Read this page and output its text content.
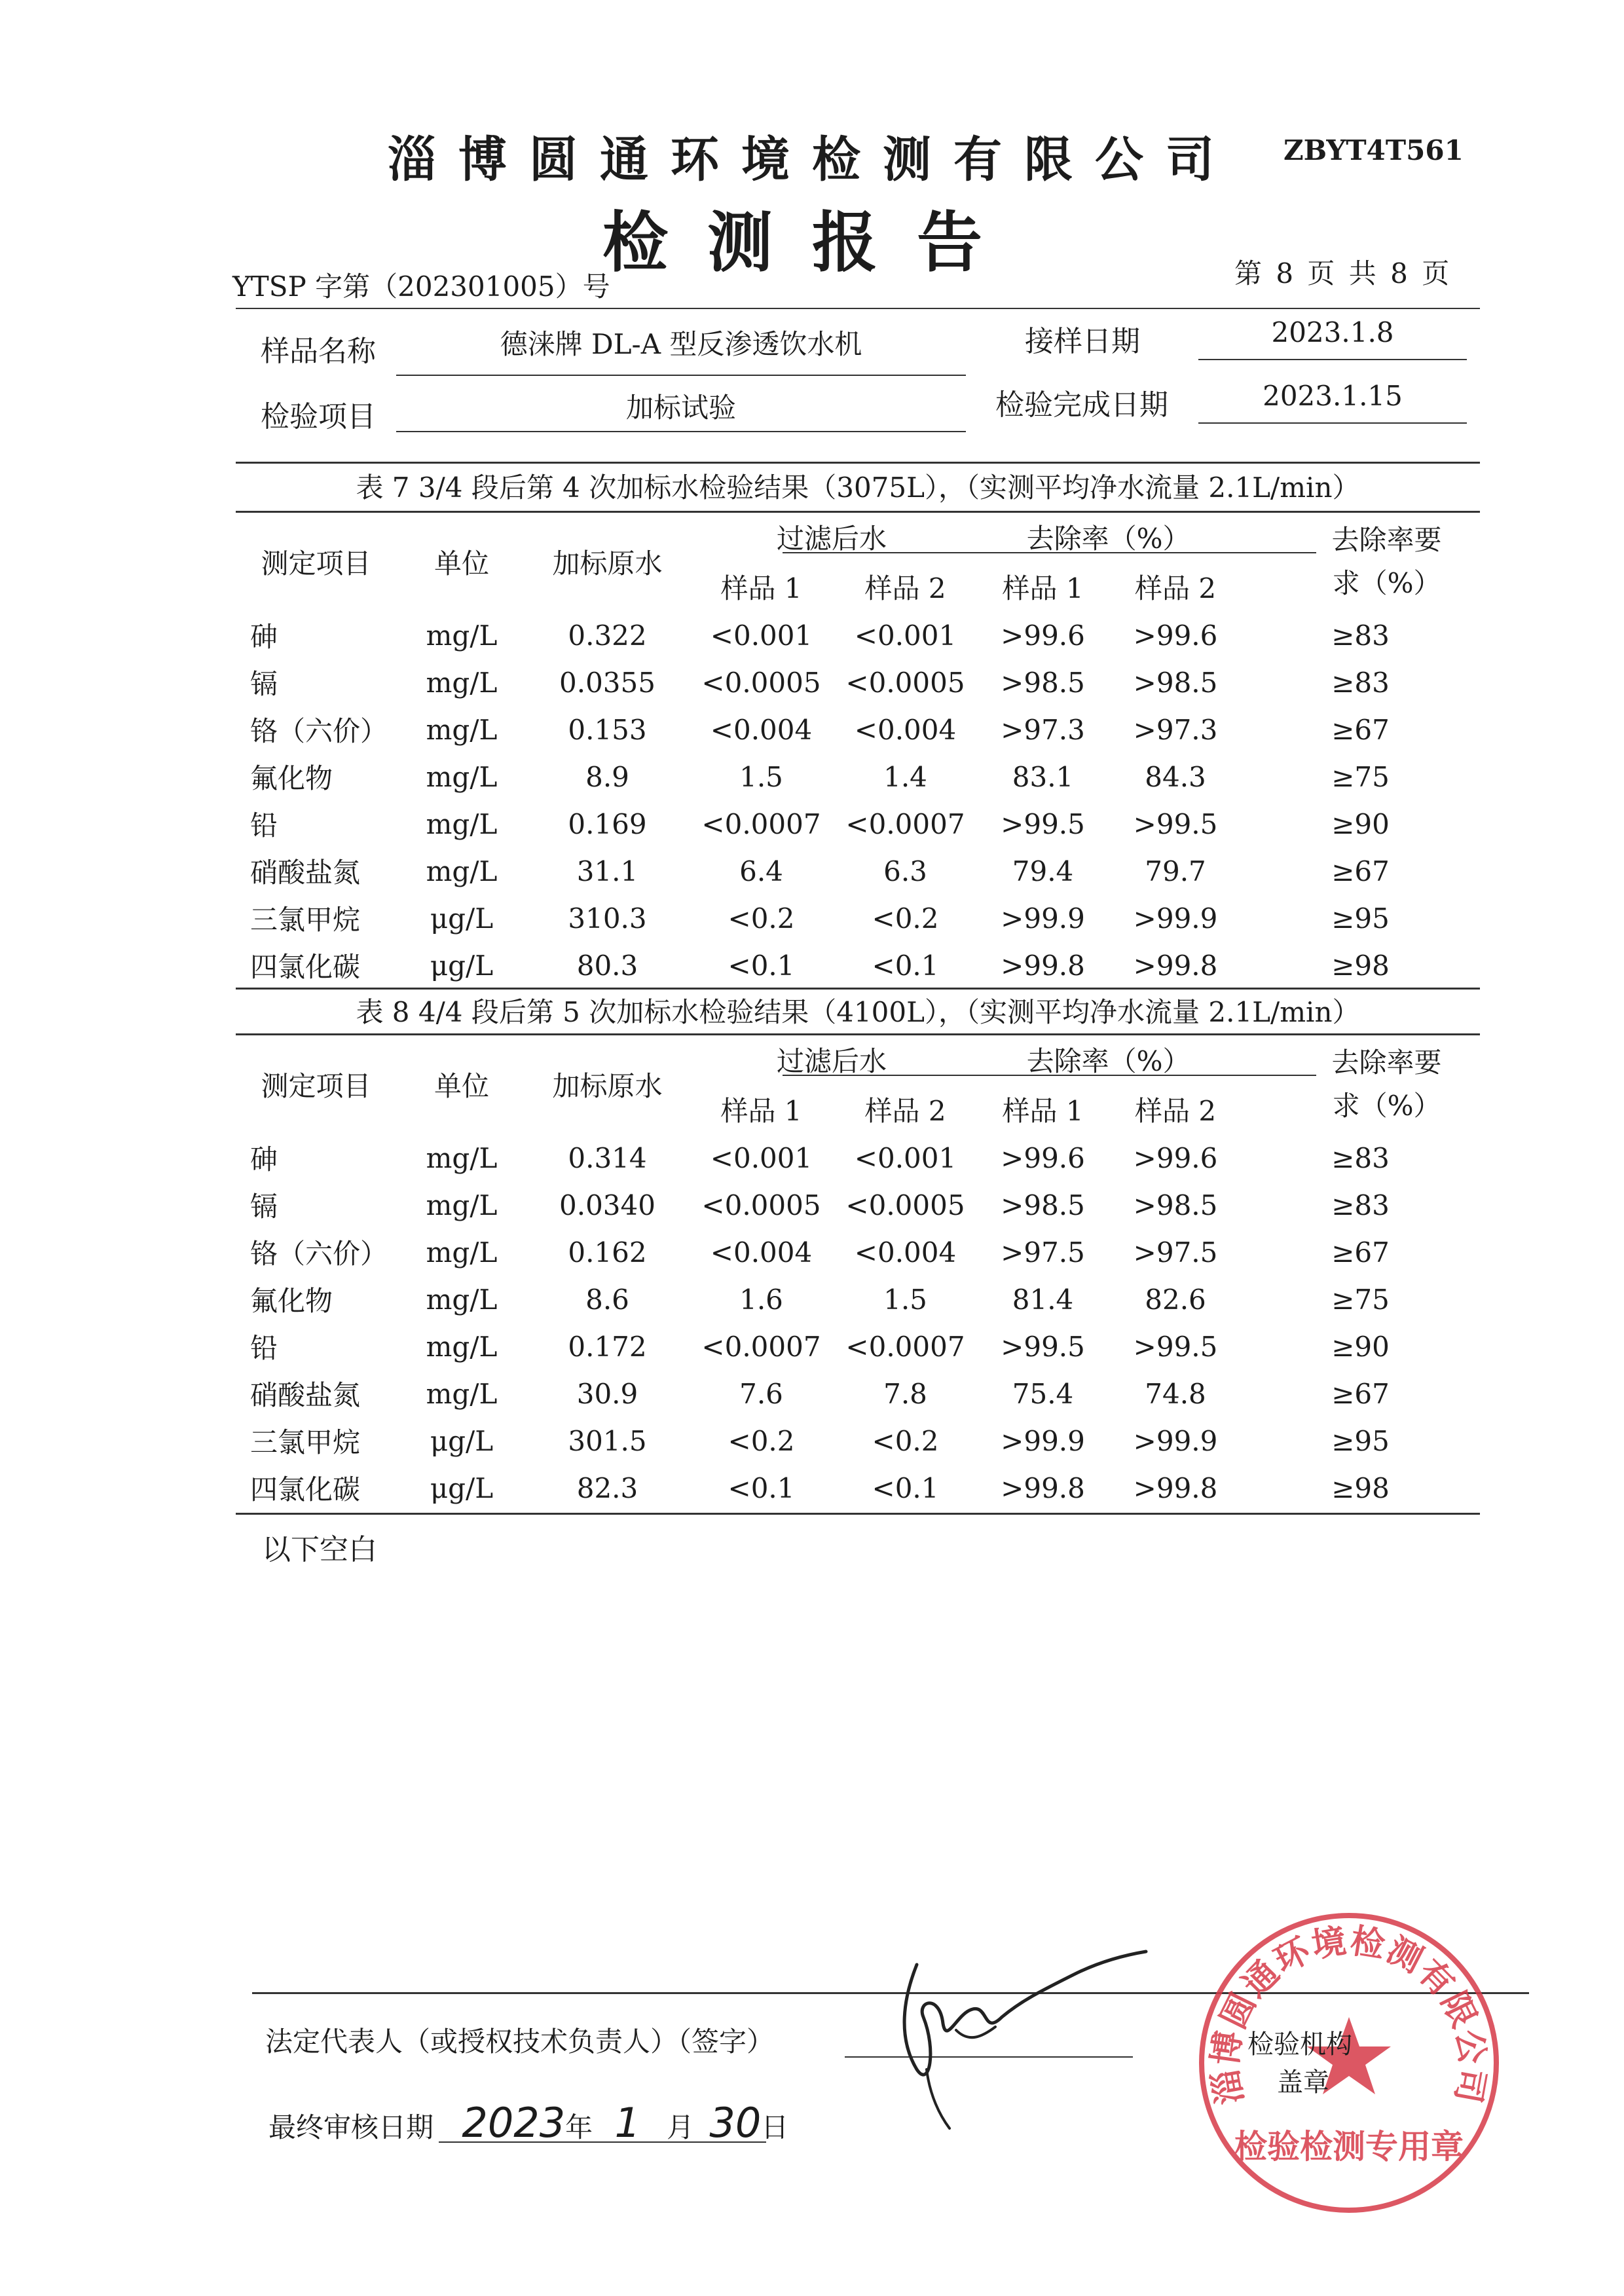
淄博圆通环境检测有限公司	ZBYT4T561
检测报告
YTSP 字第（202301005）号	第 8 页 共 8 页
样品名称	德涞牌 DL-A 型反渗透饮水机	接样日期	2023.1.8
检验项目	加标试验	检验完成日期	2023.1.15
表 7 3/4 段后第 4 次加标水检验结果（3075L），（实测平均净水流量 2.1L/min）
测定项目	单位	加标原水	过滤后水		去除率（%）		去除率要
求（%）
			样品 1	样品 2	样品 1	样品 2	
砷	mg/L	0.322	<0.001	<0.001	>99.6	>99.6	≥83
镉	mg/L	0.0355	<0.0005	<0.0005	>98.5	>98.5	≥83
铬（六价）	mg/L	0.153	<0.004	<0.004	>97.3	>97.3	≥67
氟化物	mg/L	8.9	1.5	1.4	83.1	84.3	≥75
铅	mg/L	0.169	<0.0007	<0.0007	>99.5	>99.5	≥90
硝酸盐氮	mg/L	31.1	6.4	6.3	79.4	79.7	≥67
三氯甲烷	μg/L	310.3	<0.2	<0.2	>99.9	>99.9	≥95
四氯化碳	μg/L	80.3	<0.1	<0.1	>99.8	>99.8	≥98
表 8 4/4 段后第 5 次加标水检验结果（4100L），（实测平均净水流量 2.1L/min）
测定项目	单位	加标原水	过滤后水		去除率（%）		去除率要
求（%）
			样品 1	样品 2	样品 1	样品 2	
砷	mg/L	0.314	<0.001	<0.001	>99.6	>99.6	≥83
镉	mg/L	0.0340	<0.0005	<0.0005	>98.5	>98.5	≥83
铬（六价）	mg/L	0.162	<0.004	<0.004	>97.5	>97.5	≥67
氟化物	mg/L	8.6	1.6	1.5	81.4	82.6	≥75
铅	mg/L	0.172	<0.0007	<0.0007	>99.5	>99.5	≥90
硝酸盐氮	mg/L	30.9	7.6	7.8	75.4	74.8	≥67
三氯甲烷	μg/L	301.5	<0.2	<0.2	>99.9	>99.9	≥95
四氯化碳	μg/L	82.3	<0.1	<0.1	>99.8	>99.8	≥98
以下空白
法定代表人（或授权技术负责人）（签字）
最终审核日期 2023年 1 月 30日
淄博圆通环境检测有限公司
检验检测专用章
检验机构
盖章
